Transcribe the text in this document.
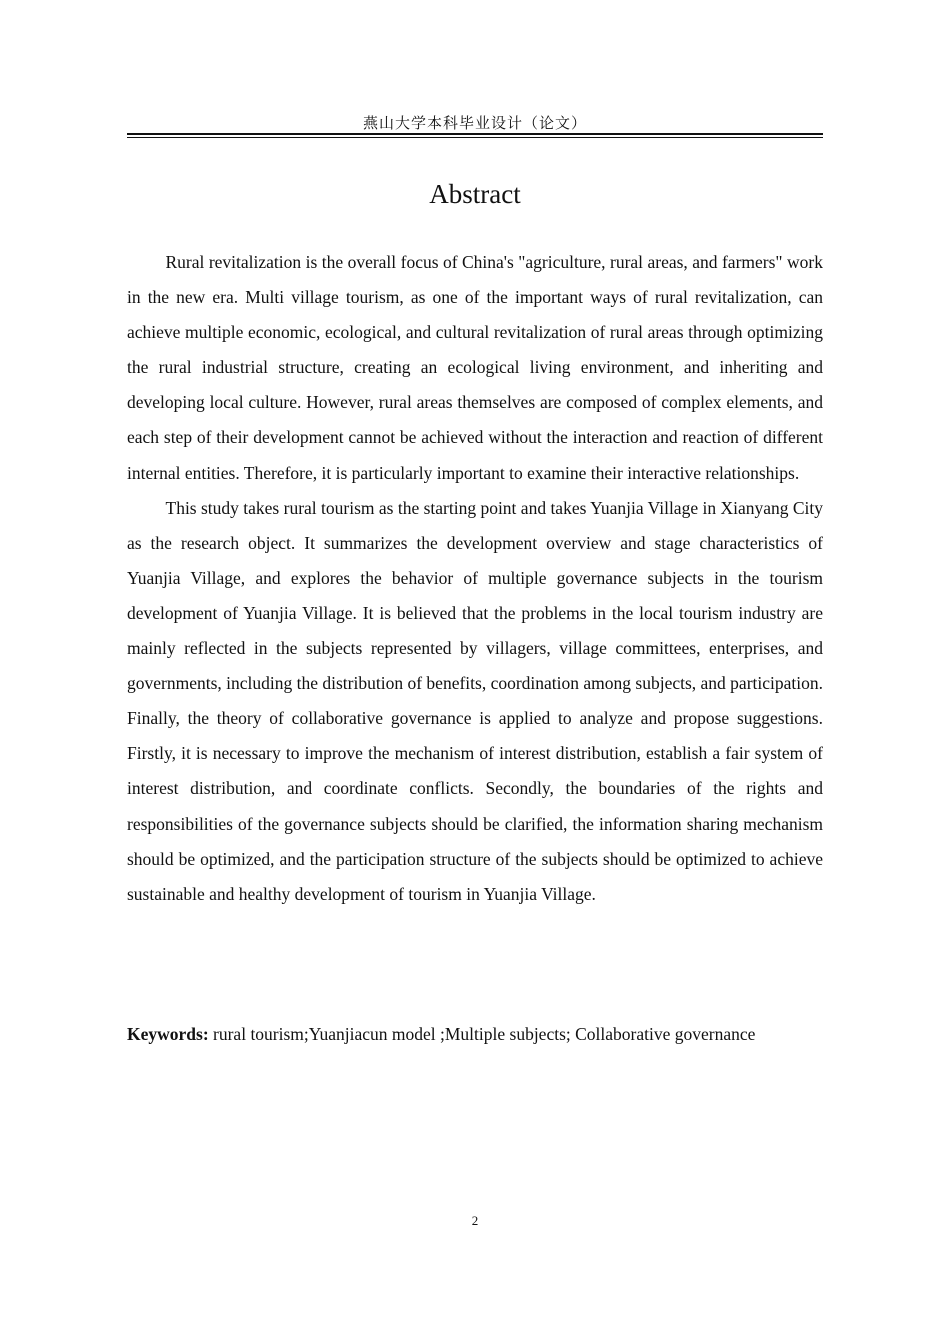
燕山大学本科毕业设计（论文）
Abstract

Rural revitalization is the overall focus of China's "agriculture, rural areas, and farmers" work in the new era. Multi village tourism, as one of the important ways of rural revitalization, can achieve multiple economic, ecological, and cultural revitalization of rural areas through optimizing the rural industrial structure, creating an ecological living environment, and inheriting and developing local culture. However, rural areas themselves are composed of complex elements, and each step of their development cannot be achieved without the interaction and reaction of different internal entities. Therefore, it is particularly important to examine their interactive relationships.

This study takes rural tourism as the starting point and takes Yuanjia Village in Xianyang City as the research object. It summarizes the development overview and stage characteristics of Yuanjia Village, and explores the behavior of multiple governance subjects in the tourism development of Yuanjia Village. It is believed that the problems in the local tourism industry are mainly reflected in the subjects represented by villagers, village committees, enterprises, and governments, including the distribution of benefits, coordination among subjects, and participation. Finally, the theory of collaborative governance is applied to analyze and propose suggestions. Firstly, it is necessary to improve the mechanism of interest distribution, establish a fair system of interest distribution, and coordinate conflicts. Secondly, the boundaries of the rights and responsibilities of the governance subjects should be clarified, the information sharing mechanism should be optimized, and the participation structure of the subjects should be optimized to achieve sustainable and healthy development of tourism in Yuanjia Village.

Keywords: rural tourism;Yuanjiacun model ;Multiple subjects; Collaborative governance
2
